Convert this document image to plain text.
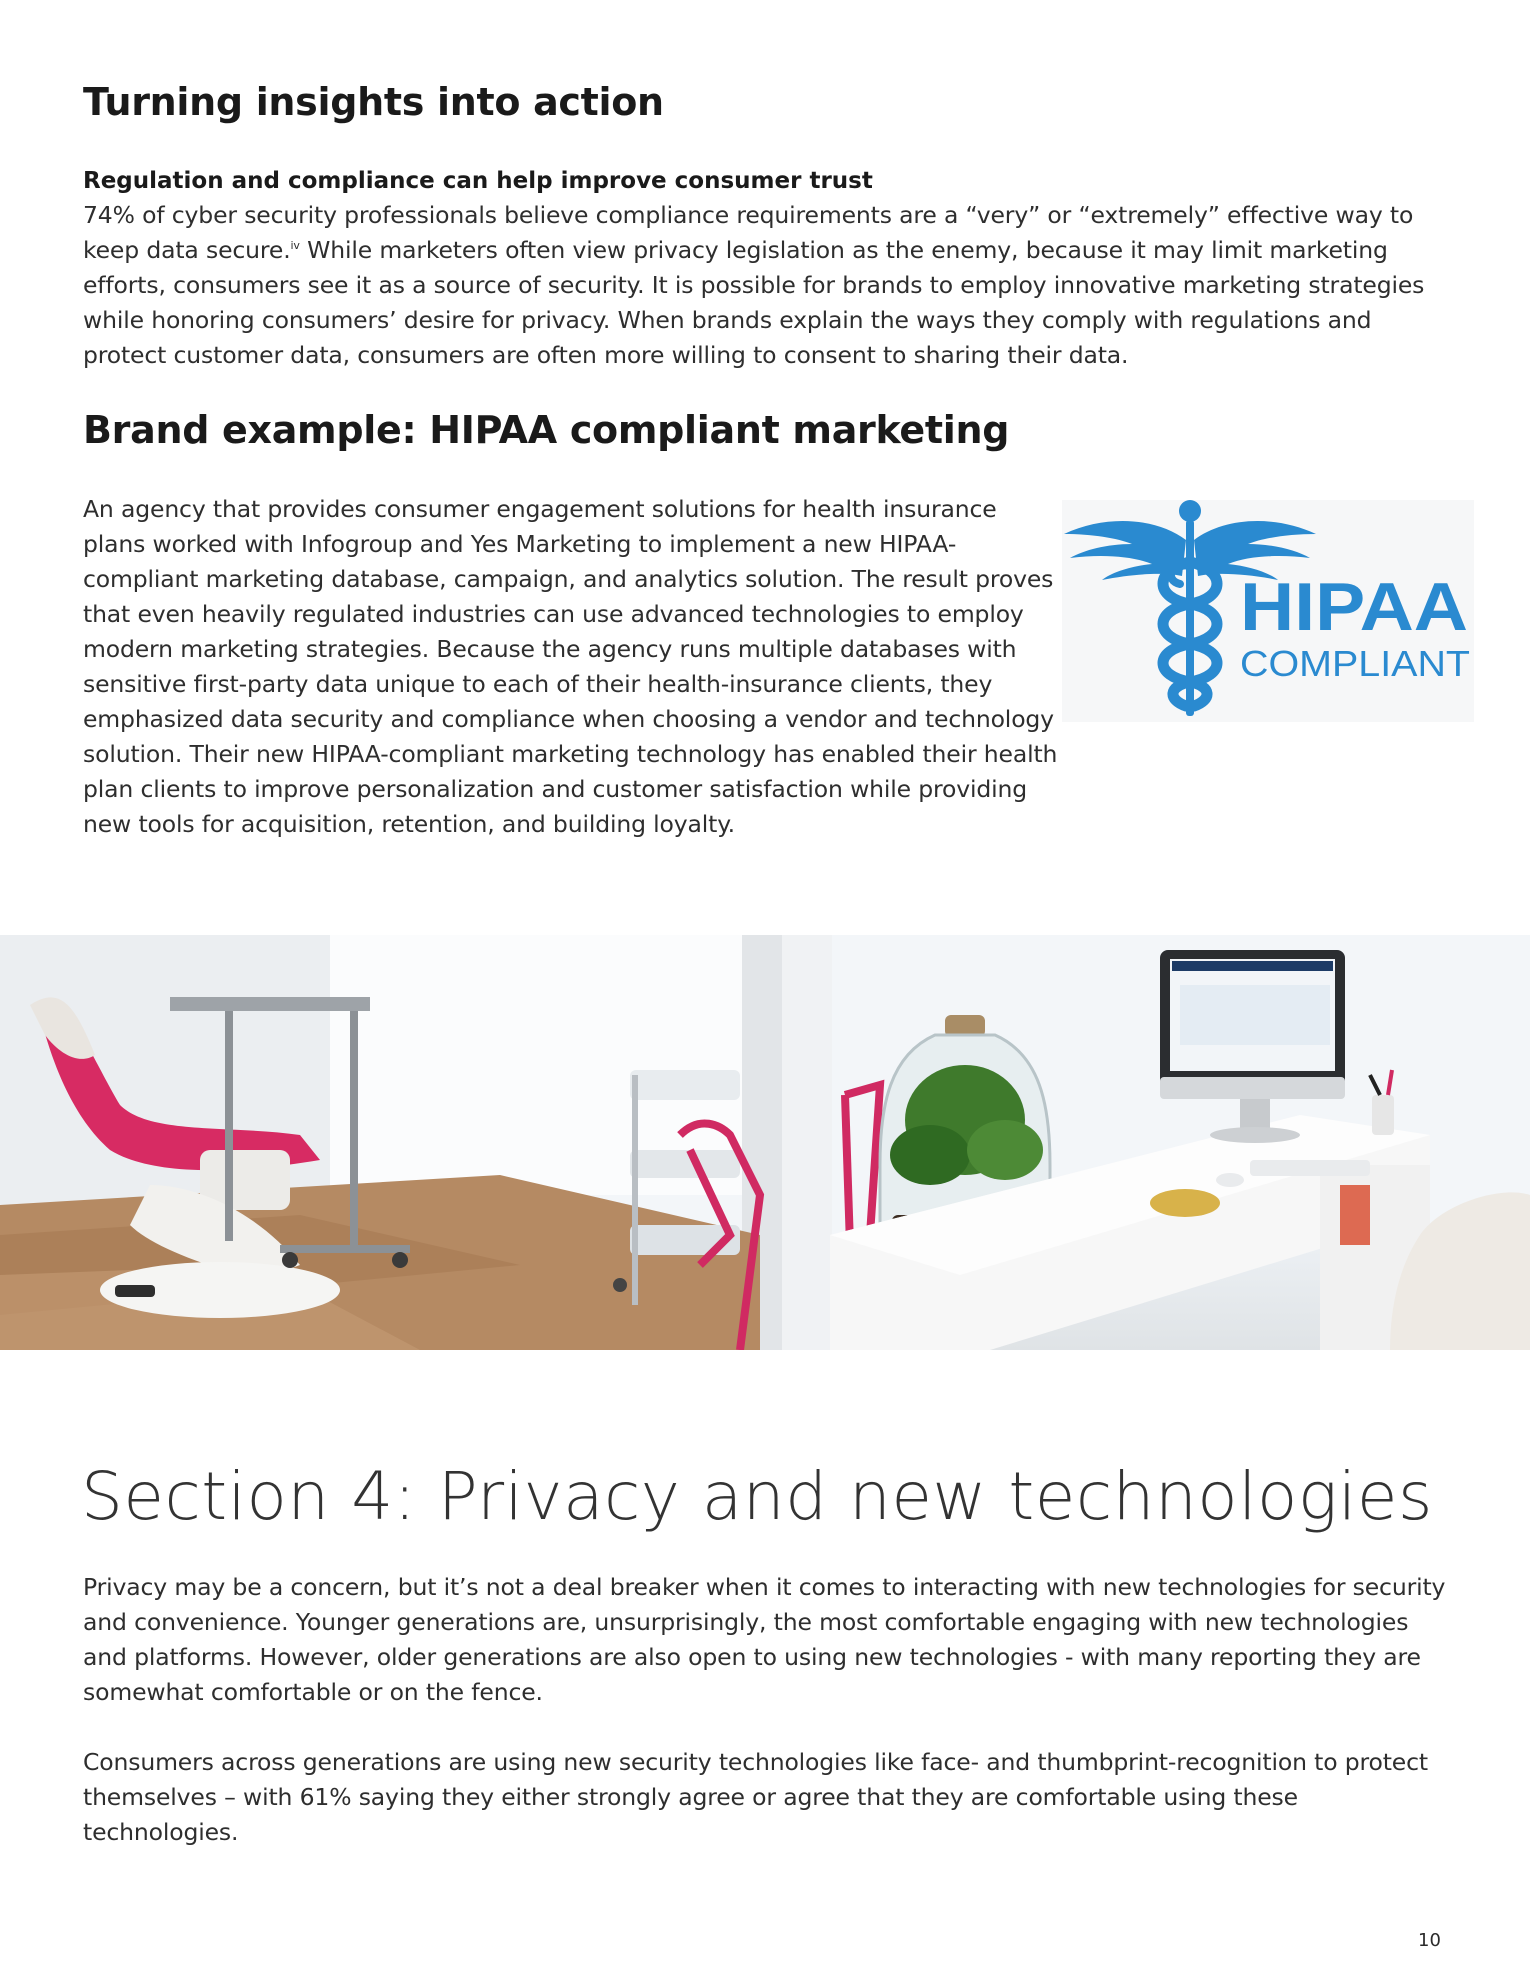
Turning insights into action
Regulation and compliance can help improve consumer trust

74% of cyber security professionals believe compliance requirements are a “very” or “extremely” effective way to keep data secure.$^{iv}$ While marketers often view privacy legislation as the enemy, because it may limit marketing efforts, consumers see it as a source of security. It is possible for brands to employ innovative marketing strategies while honoring consumers’ desire for privacy. When brands explain the ways they comply with regulations and protect customer data, consumers are often more willing to consent to sharing their data.

Brand example: HIPAA compliant marketing

An agency that provides consumer engagement solutions for health insurance plans worked with Infogroup and Yes Marketing to implement a new HIPAA-compliant marketing database, campaign, and analytics solution. The result proves that even heavily regulated industries can use advanced technologies to employ modern marketing strategies. Because the agency runs multiple databases with sensitive first-party data unique to each of their health-insurance clients, they emphasized data security and compliance when choosing a vendor and technology solution. Their new HIPAA-compliant marketing technology has enabled their health plan clients to improve personalization and customer satisfaction while providing new tools for acquisition, retention, and building loyalty.

HIPAA
COMPLIANT
Section 4: Privacy and new technologies

Privacy may be a concern, but it’s not a deal breaker when it comes to interacting with new technologies for security and convenience. Younger generations are, unsurprisingly, the most comfortable engaging with new technologies and platforms. However, older generations are also open to using new technologies - with many reporting they are somewhat comfortable or on the fence.

Consumers across generations are using new security technologies like face- and thumbprint-recognition to protect themselves – with 61% saying they either strongly agree or agree that they are comfortable using these technologies.

10
